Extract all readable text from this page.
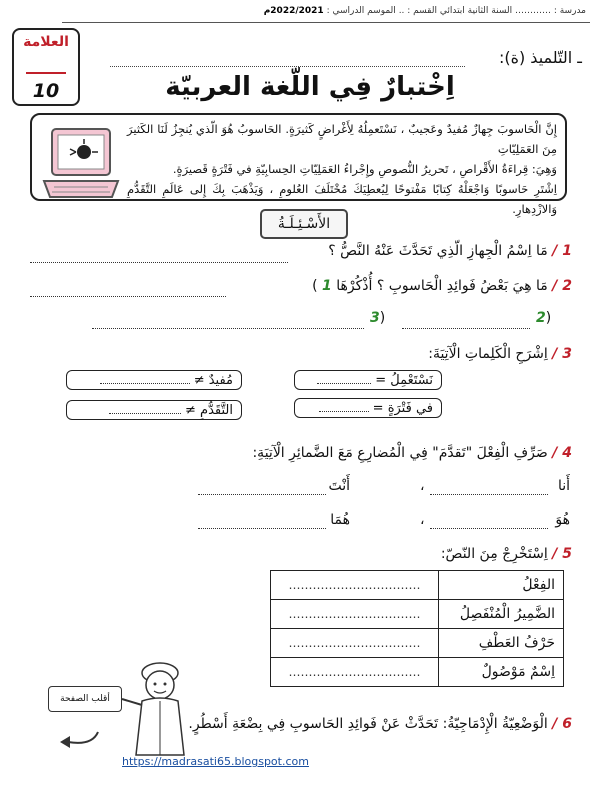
مدرسة : ………… السنة الثانية ابتدائي القسم : .. الموسم الدراسي : 2022/2021م
ـ التّلميذ (ة):
العلامة
10	اِخْتبارٌ فِي اللّغة العربيّة
إِنَّ الْحَاسوبَ جِهازٌ مُفيدٌ وعَجيبٌ ، نَسْتَعمِلُهُ لِأَغْراضٍ كَثيرَةٍ. الحَاسوبُ هُوَ الّذي يُنجِزُ لَنَا الكَثيرَ مِنَ العَمَلِيّاتِ
وَهِيَ: قِراءَةُ الأَقْراصِ ، تَحريرُ النُّصوصِ وإِجْراءُ العَمَلِيّاتِ الحِسابِيّةِ في فَتْرَةٍ قَصيرَةٍ.
اِشْتَرِ حَاسوبًا وَاجْعَلْهُ كِتابًا مَفْتوحًا لِيُعطِيَكَ مُخْتَلَفَ العُلومِ ، وَيَذْهَبَ بِكَ إِلى عَالَمِ التَّقَدُّمِ وَالازْدِهارِ.
الأَسْـئِـلَـةُ
1 / مَا اِسْمُ الْجِهازِ الّذِي تَحَدَّثَ عَنْهُ النَّصُّ ؟
2 / مَا هِيَ بَعْضُ فَوائِدِ الْحَاسوبِ ؟ أُذْكُرْهَا 1 )
2)
3)
3 / اِشْرَحِ الْكَلِماتِ الْآتِيَةَ:
نَسْتَعْمِلُ =
في فَتْرَةٍ =
مُفيدٌ ≠
التَّقَدُّمِ ≠
4 / صَرِّفِ الْفِعْلَ "تَقدَّمَ" فِي الْمُضارِعِ مَعَ الضَّمائِرِ الْآتِيَةِ:
أَنا
،
أَنْتَ
هُوَ
،
هُمَا
5 / اِسْتَخْرِجْ مِنَ النّصّ:
الفِعْلُ	……………………………
الضَّمِيرُ الْمُنْفَصِلُ	……………………………
حَرْفُ العَطْفِ	……………………………
اِسْمٌ مَوْصُولٌ	……………………………
أقلب الصفحة
6 / الْوَضْعِيّةُ الْإِدْمَاجِيّةُ: تَحَدَّثْ عَنْ فَوائِدِ الحَاسوبِ فِي بِضْعَةِ أَسْطُرٍ.
https://madrasati65.blogspot.com
